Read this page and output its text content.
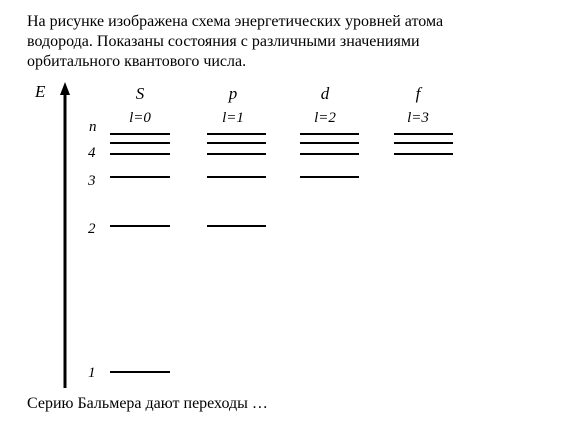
На рисунке изображена схема энергетических уровней атома
водорода. Показаны состояния с различными значениями
орбитального квантового числа.
E
n
S
l=0
p
l=1
d
l=2
f
l=3
4
3
2
1
Серию Бальмера дают переходы …
